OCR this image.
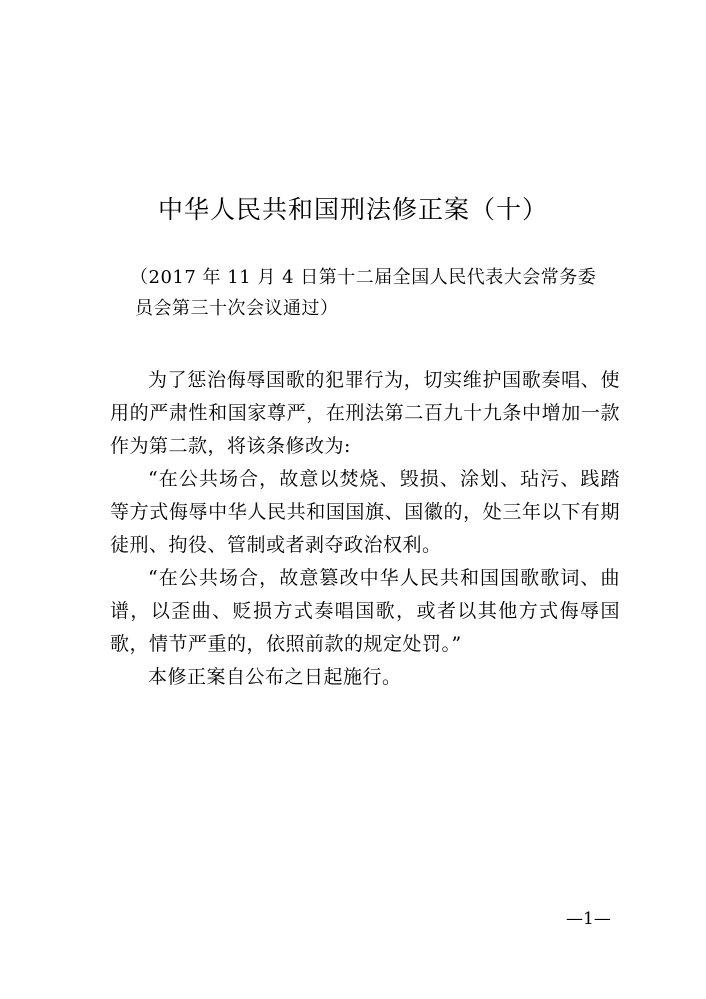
中华人民共和国刑法修正案（十）
（2017 年 11 月 4 日第十二届全国人民代表大会常务委
员会第三十次会议通过）

为了惩治侮辱国歌的犯罪行为，切实维护国歌奏唱、使用的严肃性和国家尊严，在刑法第二百九十九条中增加一款作为第二款，将该条修改为:

“在公共场合，故意以焚烧、毁损、涂划、玷污、践踏等方式侮辱中华人民共和国国旗、国徽的，处三年以下有期徒刑、拘役、管制或者剥夺政治权利。

“在公共场合，故意篡改中华人民共和国国歌歌词、曲谱，以歪曲、贬损方式奏唱国歌，或者以其他方式侮辱国歌，情节严重的，依照前款的规定处罚。”

本修正案自公布之日起施行。

—1—
